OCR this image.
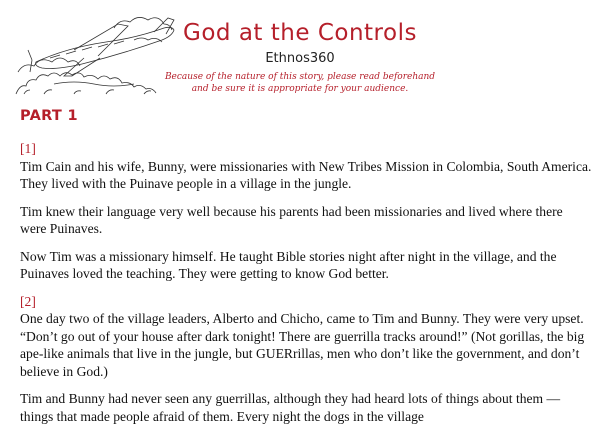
God at the Controls
Ethnos360
Because of the nature of this story, please read beforehand
and be sure it is appropriate for your audience.
PART 1
[1]

Tim Cain and his wife, Bunny, were missionaries with New Tribes Mission in Colombia, South America. They lived with the Puinave people in a village in the jungle.

Tim knew their language very well because his parents had been missionaries and lived where there were Puinaves.

Now Tim was a missionary himself. He taught Bible stories night after night in the village, and the Puinaves loved the teaching. They were getting to know God better.

[2]

One day two of the village leaders, Alberto and Chicho, came to Tim and Bunny. They were very upset. “Don’t go out of your house after dark tonight! There are guerrilla tracks around!” (Not gorillas, the big ape-like animals that live in the jungle, but GUERrillas, men who don’t like the government, and don’t believe in God.)

Tim and Bunny had never seen any guerrillas, although they had heard lots of things about them — things that made people afraid of them. Every night the dogs in the village
